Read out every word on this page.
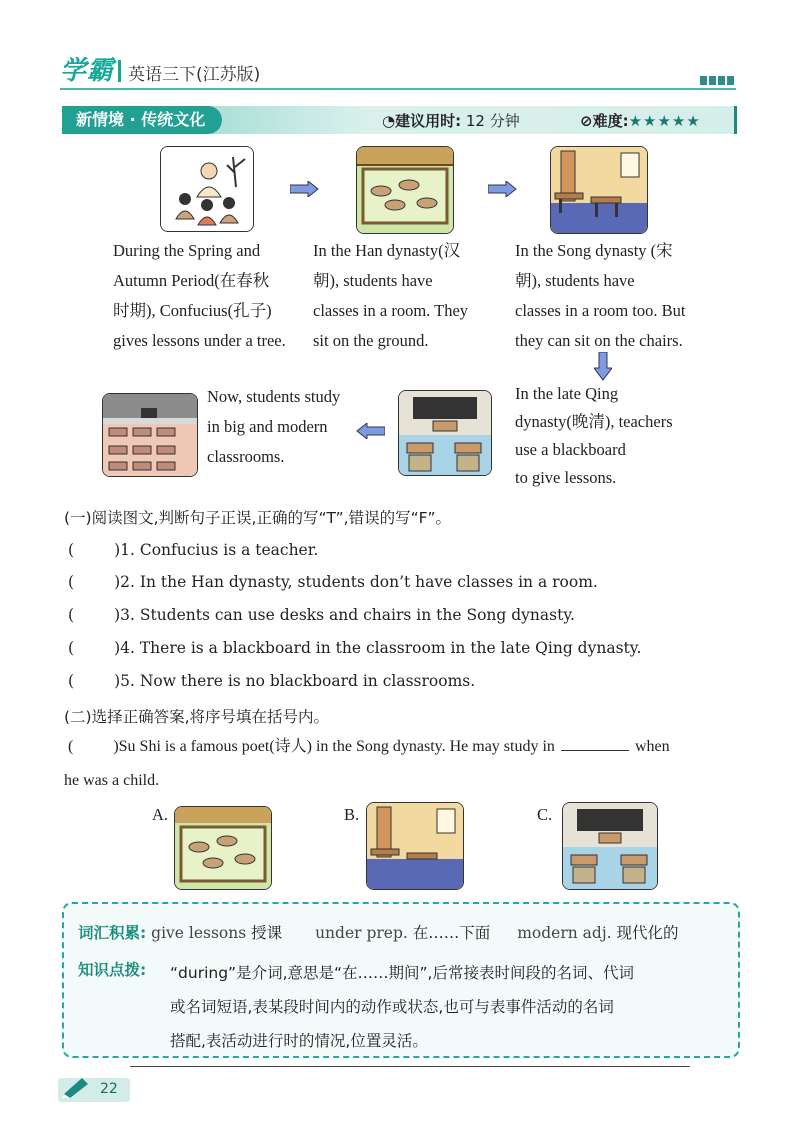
学霸 英语三下(江苏版)
新情境 · 传统文化	◔建议用时: 12 分钟	⊘难度:★★★★★
During the Spring and
Autumn Period(在春秋
时期), Confucius(孔子)
gives lessons under a tree.
In the Han dynasty(汉
朝), students have
classes in a room. They
sit on the ground.
In the Song dynasty (宋
朝), students have
classes in a room too. But
they can sit on the chairs.
Now, students study
in big and modern
classrooms.
In the late Qing
dynasty(晚清), teachers
use a blackboard
to give lessons.
(一)阅读图文,判断句子正误,正确的写“T”,错误的写“F”。
(	)1. Confucius is a teacher.
(	)2. In the Han dynasty, students don’t have classes in a room.
(	)3. Students can use desks and chairs in the Song dynasty.
(	)4. There is a blackboard in the classroom in the late Qing dynasty.
(	)5. Now there is no blackboard in classrooms.
(二)选择正确答案,将序号填在括号内。
(	)Su Shi is a famous poet(诗人) in the Song dynasty. He may study in	when
he was a child.
A.	B.	C.
词汇积累: give lessons 授课 under prep. 在……下面 modern adj. 现代化的
知识点拨: “during”是介词,意思是“在……期间”,后常接表时间段的名词、代词
或名词短语,表某段时间内的动作或状态,也可与表事件活动的名词
搭配,表活动进行时的情况,位置灵活。
22
